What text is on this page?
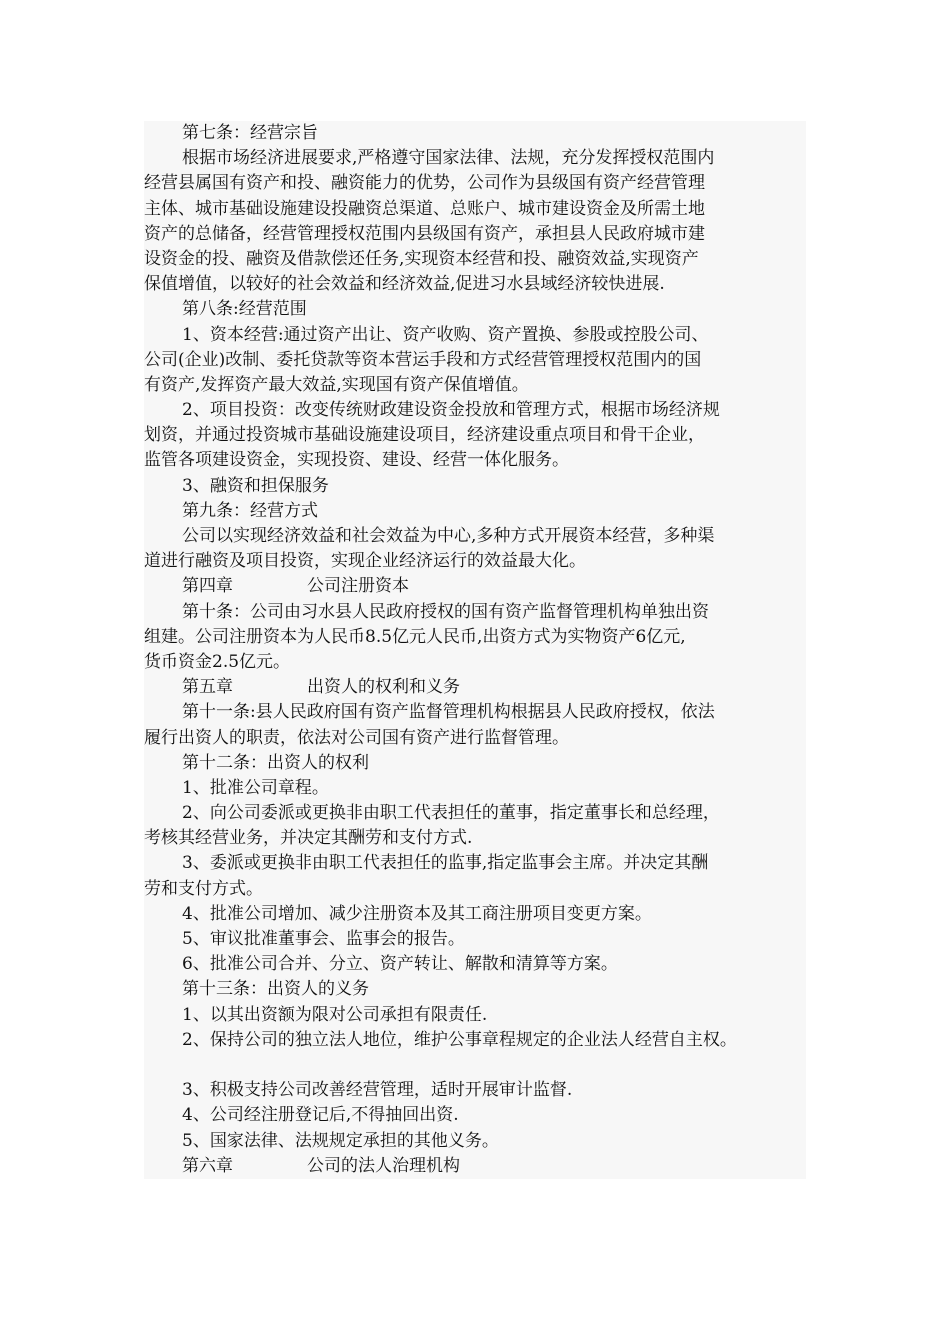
第七条：经营宗旨
根据市场经济进展要求,严格遵守国家法律、法规，充分发挥授权范围内
经营县属国有资产和投、融资能力的优势，公司作为县级国有资产经营管理
主体、城市基础设施建设投融资总渠道、总账户、城市建设资金及所需土地
资产的总储备，经营管理授权范围内县级国有资产，承担县人民政府城市建
设资金的投、融资及借款偿还任务,实现资本经营和投、融资效益,实现资产
保值增值，以较好的社会效益和经济效益,促进习水县域经济较快进展.
第八条:经营范围
1、资本经营:通过资产出让、资产收购、资产置换、参股或控股公司、
公司(企业)改制、委托贷款等资本营运手段和方式经营管理授权范围内的国
有资产,发挥资产最大效益,实现国有资产保值增值。
2、项目投资：改变传统财政建设资金投放和管理方式，根据市场经济规
划资，并通过投资城市基础设施建设项目，经济建设重点项目和骨干企业，
监管各项建设资金，实现投资、建设、经营一体化服务。
3、融资和担保服务
第九条：经营方式
公司以实现经济效益和社会效益为中心,多种方式开展资本经营，多种渠
道进行融资及项目投资，实现企业经济运行的效益最大化。
第四章	公司注册资本
第十条：公司由习水县人民政府授权的国有资产监督管理机构单独出资
组建。公司注册资本为人民币8.5亿元人民币,出资方式为实物资产6亿元,
货币资金2.5亿元。
第五章	出资人的权利和义务
第十一条:县人民政府国有资产监督管理机构根据县人民政府授权，依法
履行出资人的职责，依法对公司国有资产进行监督管理。
第十二条：出资人的权利
1、批准公司章程。
2、向公司委派或更换非由职工代表担任的董事，指定董事长和总经理，
考核其经营业务，并决定其酬劳和支付方式.
3、委派或更换非由职工代表担任的监事,指定监事会主席。并决定其酬
劳和支付方式。
4、批准公司增加、减少注册资本及其工商注册项目变更方案。
5、审议批准董事会、监事会的报告。
6、批准公司合并、分立、资产转让、解散和清算等方案。
第十三条：出资人的义务
1、以其出资额为限对公司承担有限责任.
2、保持公司的独立法人地位，维护公事章程规定的企业法人经营自主权。
3、积极支持公司改善经营管理，适时开展审计监督.
4、公司经注册登记后,不得抽回出资.
5、国家法律、法规规定承担的其他义务。
第六章	公司的法人治理机构
